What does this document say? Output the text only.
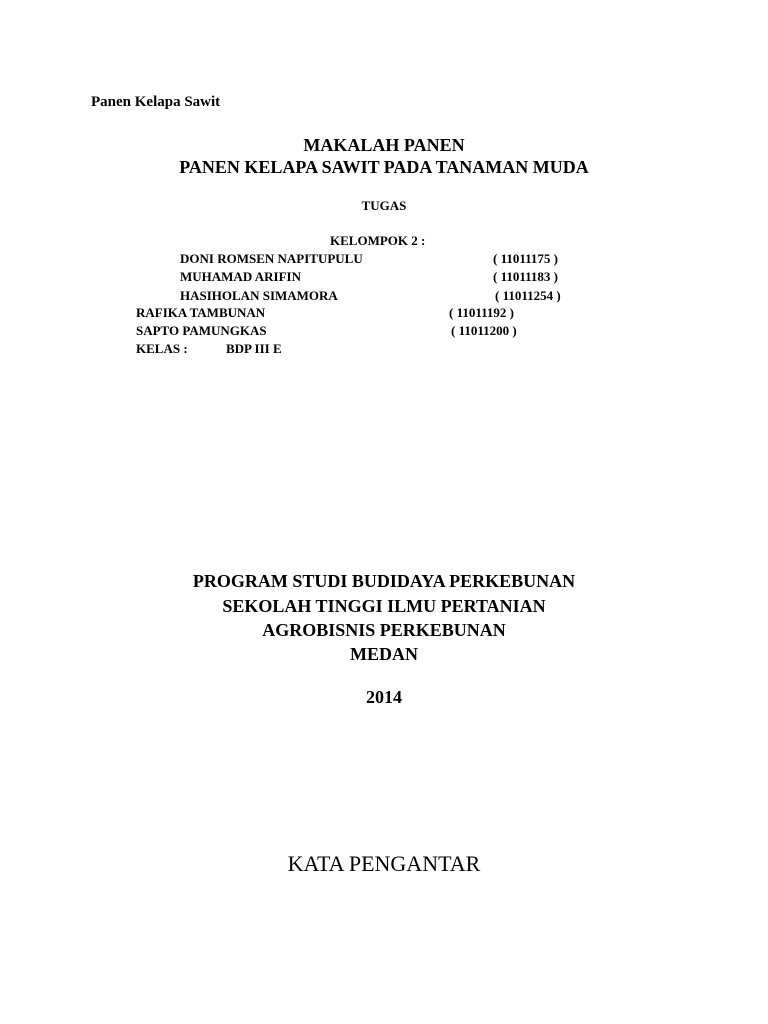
Panen Kelapa Sawit
MAKALAH PANEN
PANEN KELAPA SAWIT PADA TANAMAN MUDA
TUGAS
KELOMPOK 2 :
DONI ROMSEN NAPITUPULU	( 11011175 )
MUHAMAD ARIFIN	( 11011183 )
HASIHOLAN SIMAMORA	( 11011254 )
RAFIKA TAMBUNAN	( 11011192 )
SAPTO PAMUNGKAS	( 11011200 )
KELAS :	BDP III E
PROGRAM STUDI BUDIDAYA PERKEBUNAN
SEKOLAH TINGGI ILMU PERTANIAN
AGROBISNIS PERKEBUNAN
MEDAN
2014
KATA PENGANTAR
